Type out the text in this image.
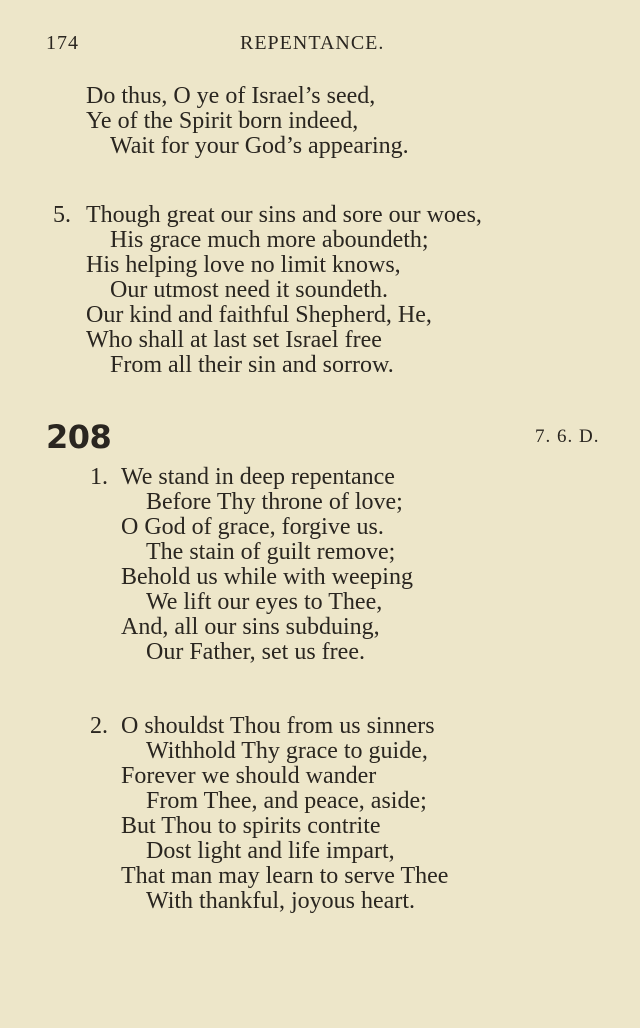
174	REPENTANCE.
Do thus, O ye of Israel’s seed,
Ye of the Spirit born indeed,
Wait for your God’s appearing.
5. Though great our sins and sore our woes,
His grace much more aboundeth;
His helping love no limit knows,
Our utmost need it soundeth.
Our kind and faithful Shepherd, He,
Who shall at last set Israel free
From all their sin and sorrow.
208	7. 6. D.
1. We stand in deep repentance
Before Thy throne of love;
O God of grace, forgive us.
The stain of guilt remove;
Behold us while with weeping
We lift our eyes to Thee,
And, all our sins subduing,
Our Father, set us free.
2. O shouldst Thou from us sinners
Withhold Thy grace to guide,
Forever we should wander
From Thee, and peace, aside;
But Thou to spirits contrite
Dost light and life impart,
That man may learn to serve Thee
With thankful, joyous heart.
